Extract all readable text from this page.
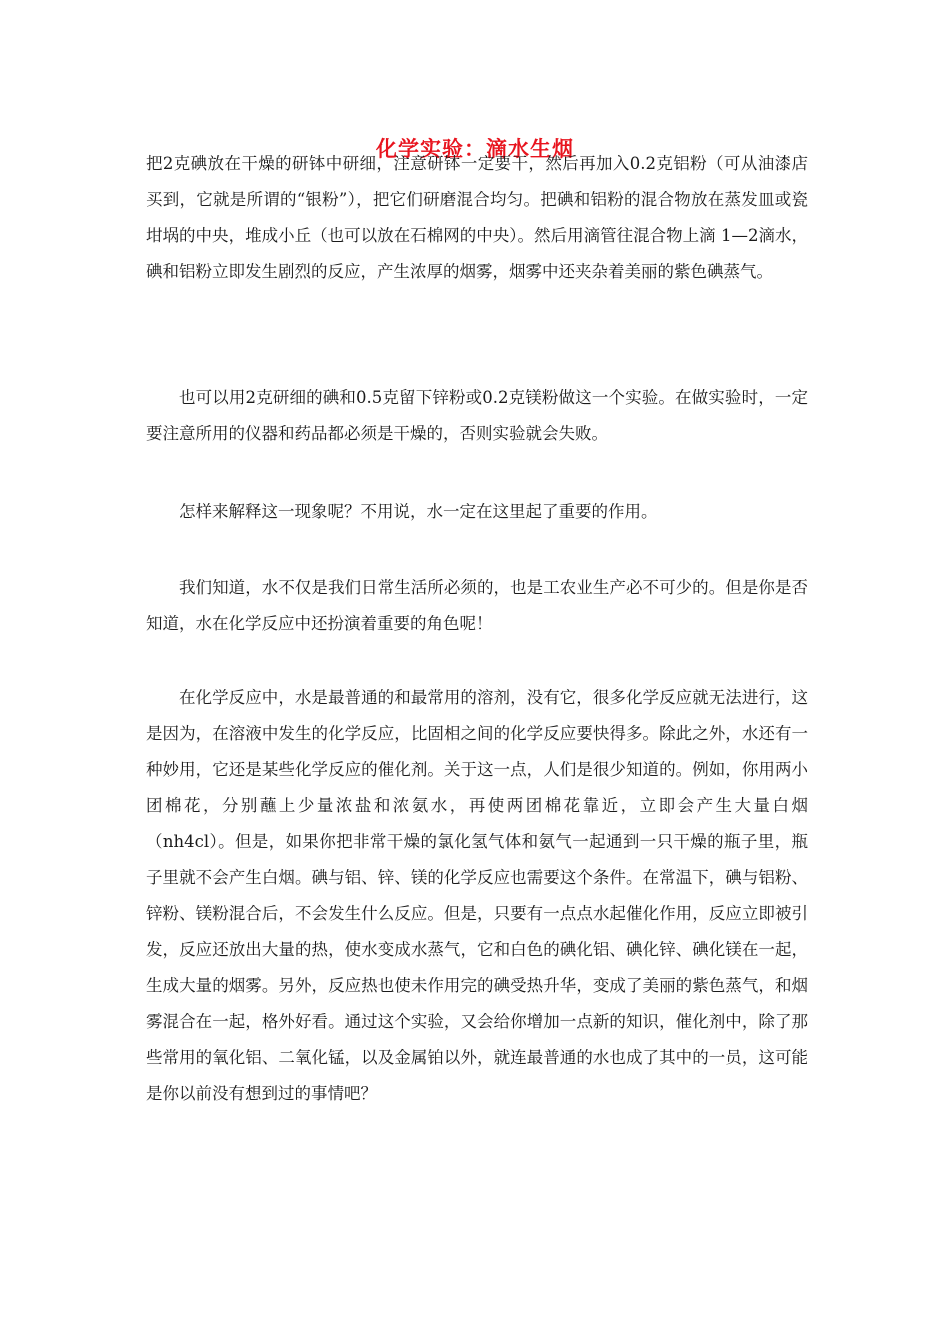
化学实验：滴水生烟

把2克碘放在干燥的研钵中研细，注意研钵一定要干，然后再加入0.2克铝粉（可从油漆店买到，它就是所谓的“银粉”），把它们研磨混合均匀。把碘和铝粉的混合物放在蒸发皿或瓷坩埚的中央，堆成小丘（也可以放在石棉网的中央）。然后用滴管往混合物上滴 1—2滴水，碘和铝粉立即发生剧烈的反应，产生浓厚的烟雾，烟雾中还夹杂着美丽的紫色碘蒸气。

也可以用2克研细的碘和0.5克留下锌粉或0.2克镁粉做这一个实验。在做实验时，一定要注意所用的仪器和药品都必须是干燥的，否则实验就会失败。

怎样来解释这一现象呢？不用说，水一定在这里起了重要的作用。

我们知道，水不仅是我们日常生活所必须的，也是工农业生产必不可少的。但是你是否知道，水在化学反应中还扮演着重要的角色呢！

在化学反应中，水是最普通的和最常用的溶剂，没有它，很多化学反应就无法进行，这是因为，在溶液中发生的化学反应，比固相之间的化学反应要快得多。除此之外，水还有一种妙用，它还是某些化学反应的催化剂。关于这一点，人们是很少知道的。例如，你用两小团棉花，分别蘸上少量浓盐和浓氨水，再使两团棉花靠近，立即会产生大量白烟（nh4cl）。但是，如果你把非常干燥的氯化氢气体和氨气一起通到一只干燥的瓶子里，瓶子里就不会产生白烟。碘与铝、锌、镁的化学反应也需要这个条件。在常温下，碘与铝粉、锌粉、镁粉混合后，不会发生什么反应。但是，只要有一点点水起催化作用，反应立即被引发，反应还放出大量的热，使水变成水蒸气，它和白色的碘化铝、碘化锌、碘化镁在一起，生成大量的烟雾。另外，反应热也使未作用完的碘受热升华，变成了美丽的紫色蒸气，和烟雾混合在一起，格外好看。通过这个实验，又会给你增加一点新的知识，催化剂中，除了那些常用的氧化铝、二氧化锰，以及金属铂以外，就连最普通的水也成了其中的一员，这可能是你以前没有想到过的事情吧？
